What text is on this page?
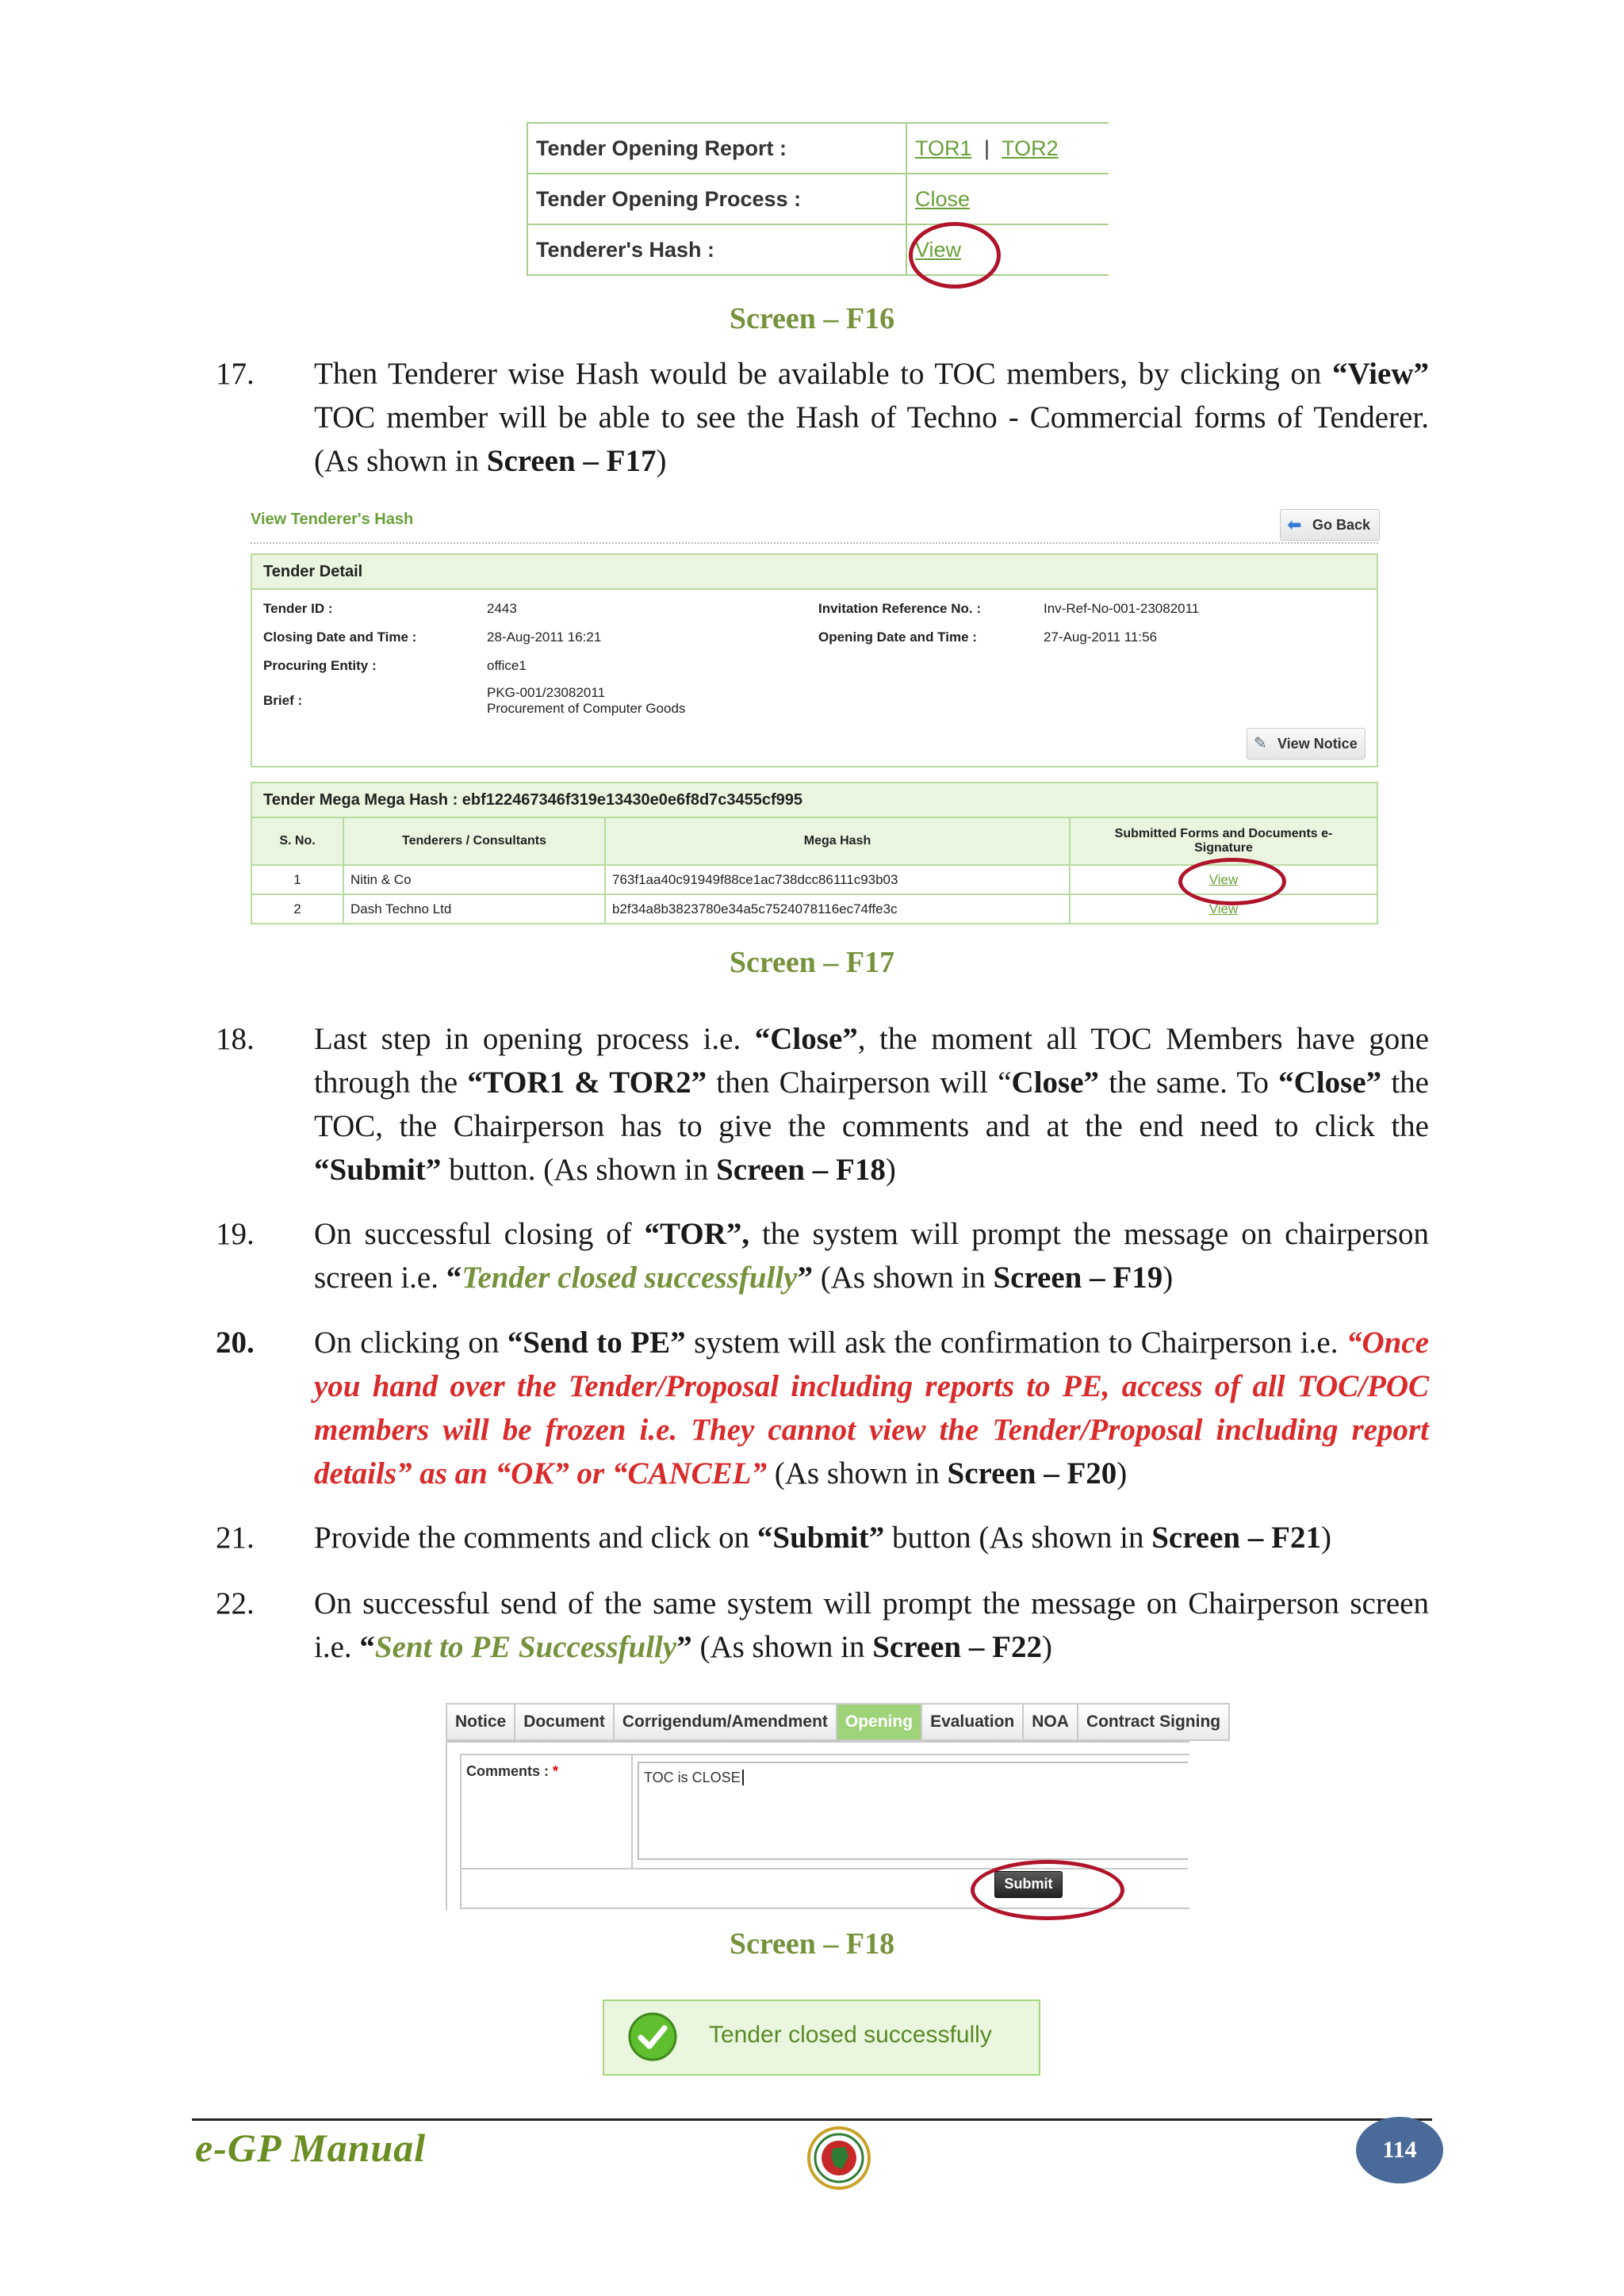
Tender Opening Report :	TOR1 | TOR2
Tender Opening Process :	Close
Tenderer's Hash :	View
Screen – F16
17.	Then Tenderer wise Hash would be available to TOC members, by clicking on “View” TOC member will be able to see the Hash of Techno - Commercial forms of Tenderer. (As shown in Screen – F17)
View Tenderer's Hash	⬅ Go Back
Tender Detail
Tender ID :	2443
Closing Date and Time :	28-Aug-2011 16:21
Procuring Entity :	office1
Brief :
PKG-001/23082011
Procurement of Computer Goods
Invitation Reference No. :	Inv-Ref-No-001-23082011
Opening Date and Time :	27-Aug-2011 11:56
✎ View Notice
Tender Mega Mega Hash : ebf122467346f319e13430e0e6f8d7c3455cf995
S. No.	Tenderers / Consultants	Mega Hash	Submitted Forms and Documents e-Signature
1	Nitin & Co	763f1aa40c91949f88ce1ac738dcc86111c93b03	View
2	Dash Techno Ltd	b2f34a8b3823780e34a5c7524078116ec74ffe3c	View
Screen – F17
18.	Last step in opening process i.e. “Close”, the moment all TOC Members have gone through the “TOR1 & TOR2” then Chairperson will “Close” the same. To “Close” the TOC, the Chairperson has to give the comments and at the end need to click the “Submit” button. (As shown in Screen – F18)
19.	On successful closing of “TOR”, the system will prompt the message on chairperson screen i.e. “Tender closed successfully” (As shown in Screen – F19)
20.	On clicking on “Send to PE” system will ask the confirmation to Chairperson i.e. “Once you hand over the Tender/Proposal including reports to PE, access of all TOC/POC members will be frozen i.e. They cannot view the Tender/Proposal including report details” as an “OK” or “CANCEL” (As shown in Screen – F20)
21.	Provide the comments and click on “Submit” button (As shown in Screen – F21)
22.	On successful send of the same system will prompt the message on Chairperson screen i.e. “Sent to PE Successfully” (As shown in Screen – F22)
Notice	Document	Corrigendum/Amendment	Opening	Evaluation	NOA	Contract Signing
Comments : *	TOC is CLOSE
Submit
Screen – F18
Tender closed successfully
e-GP Manual	114
